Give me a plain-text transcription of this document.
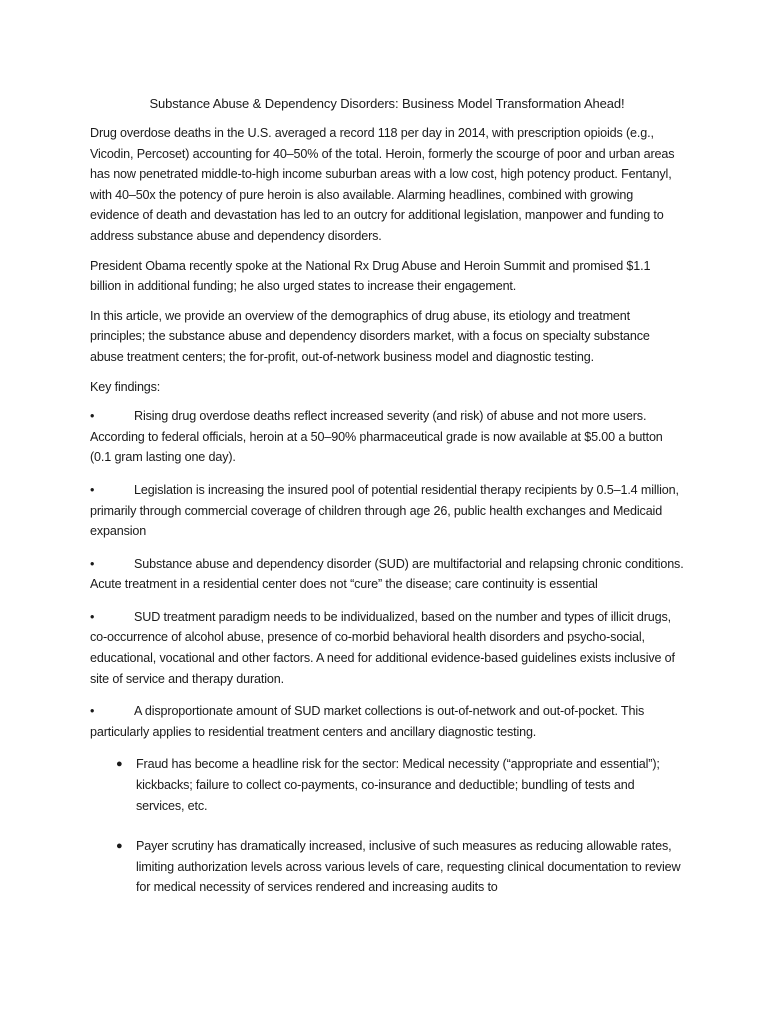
Substance Abuse & Dependency Disorders: Business Model Transformation Ahead!

Drug overdose deaths in the U.S. averaged a record 118 per day in 2014, with prescription opioids (e.g., Vicodin, Percoset) accounting for 40–50% of the total. Heroin, formerly the scourge of poor and urban areas has now penetrated middle-to-high income suburban areas with a low cost, high potency product. Fentanyl, with 40–50x the potency of pure heroin is also available. Alarming headlines, combined with growing evidence of death and devastation has led to an outcry for additional legislation, manpower and funding to address substance abuse and dependency disorders.

President Obama recently spoke at the National Rx Drug Abuse and Heroin Summit and promised $1.1 billion in additional funding; he also urged states to increase their engagement.

In this article, we provide an overview of the demographics of drug abuse, its etiology and treatment principles; the substance abuse and dependency disorders market, with a focus on specialty substance abuse treatment centers; the for-profit, out-of-network business model and diagnostic testing.

Key findings:

•	Rising drug overdose deaths reflect increased severity (and risk) of abuse and not more users. According to federal officials, heroin at a 50–90% pharmaceutical grade is now available at $5.00 a button (0.1 gram lasting one day).
•	Legislation is increasing the insured pool of potential residential therapy recipients by 0.5–1.4 million, primarily through commercial coverage of children through age 26, public health exchanges and Medicaid expansion
•	Substance abuse and dependency disorder (SUD) are multifactorial and relapsing chronic conditions. Acute treatment in a residential center does not “cure” the disease; care continuity is essential
•	SUD treatment paradigm needs to be individualized, based on the number and types of illicit drugs, co-occurrence of alcohol abuse, presence of co-morbid behavioral health disorders and psycho-social, educational, vocational and other factors. A need for additional evidence-based guidelines exists inclusive of site of service and therapy duration.
•	A disproportionate amount of SUD market collections is out-of-network and out-of-pocket. This particularly applies to residential treatment centers and ancillary diagnostic testing.
● Fraud has become a headline risk for the sector: Medical necessity (“appropriate and essential”); kickbacks; failure to collect co-payments, co-insurance and deductible; bundling of tests and services, etc.
● Payer scrutiny has dramatically increased, inclusive of such measures as reducing allowable rates, limiting authorization levels across various levels of care, requesting clinical documentation to review for medical necessity of services rendered and increasing audits to
